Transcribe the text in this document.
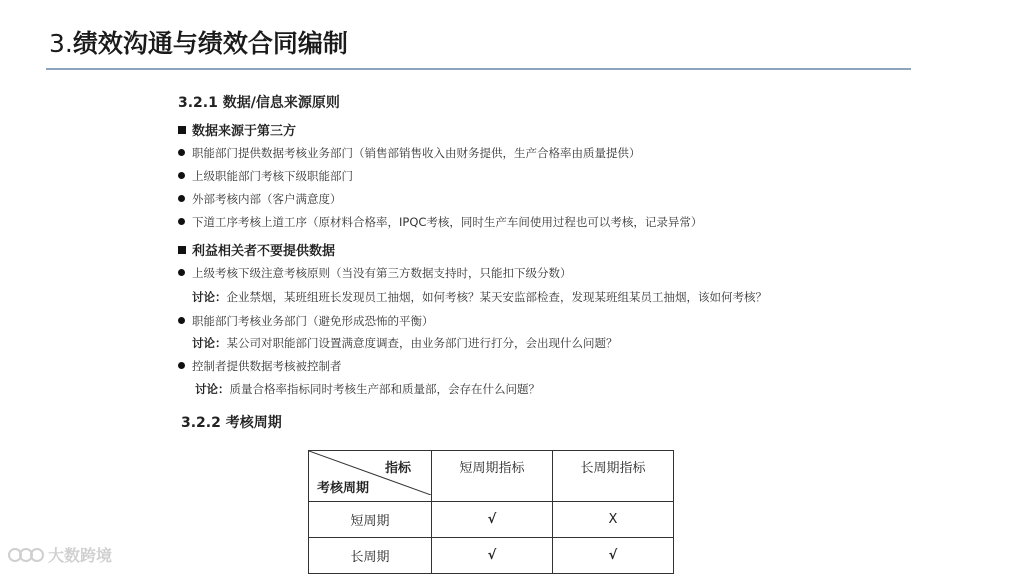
3.绩效沟通与绩效合同编制
3.2.1 数据/信息来源原则
数据来源于第三方
职能部门提供数据考核业务部门（销售部销售收入由财务提供，生产合格率由质量提供）
上级职能部门考核下级职能部门
外部考核内部（客户满意度）
下道工序考核上道工序（原材料合格率，IPQC考核，同时生产车间使用过程也可以考核，记录异常）
利益相关者不要提供数据
上级考核下级注意考核原则（当没有第三方数据支持时，只能扣下级分数）
讨论：企业禁烟，某班组班长发现员工抽烟，如何考核？某天安监部检查，发现某班组某员工抽烟，该如何考核？
职能部门考核业务部门（避免形成恐怖的平衡）
讨论：某公司对职能部门设置满意度调查，由业务部门进行打分，会出现什么问题？
控制者提供数据考核被控制者
讨论：质量合格率指标同时考核生产部和质量部，会存在什么问题？
3.2.2 考核周期
指标
考核周期	短周期指标	长周期指标
短周期	√	X
长周期	√	√
大数跨境
